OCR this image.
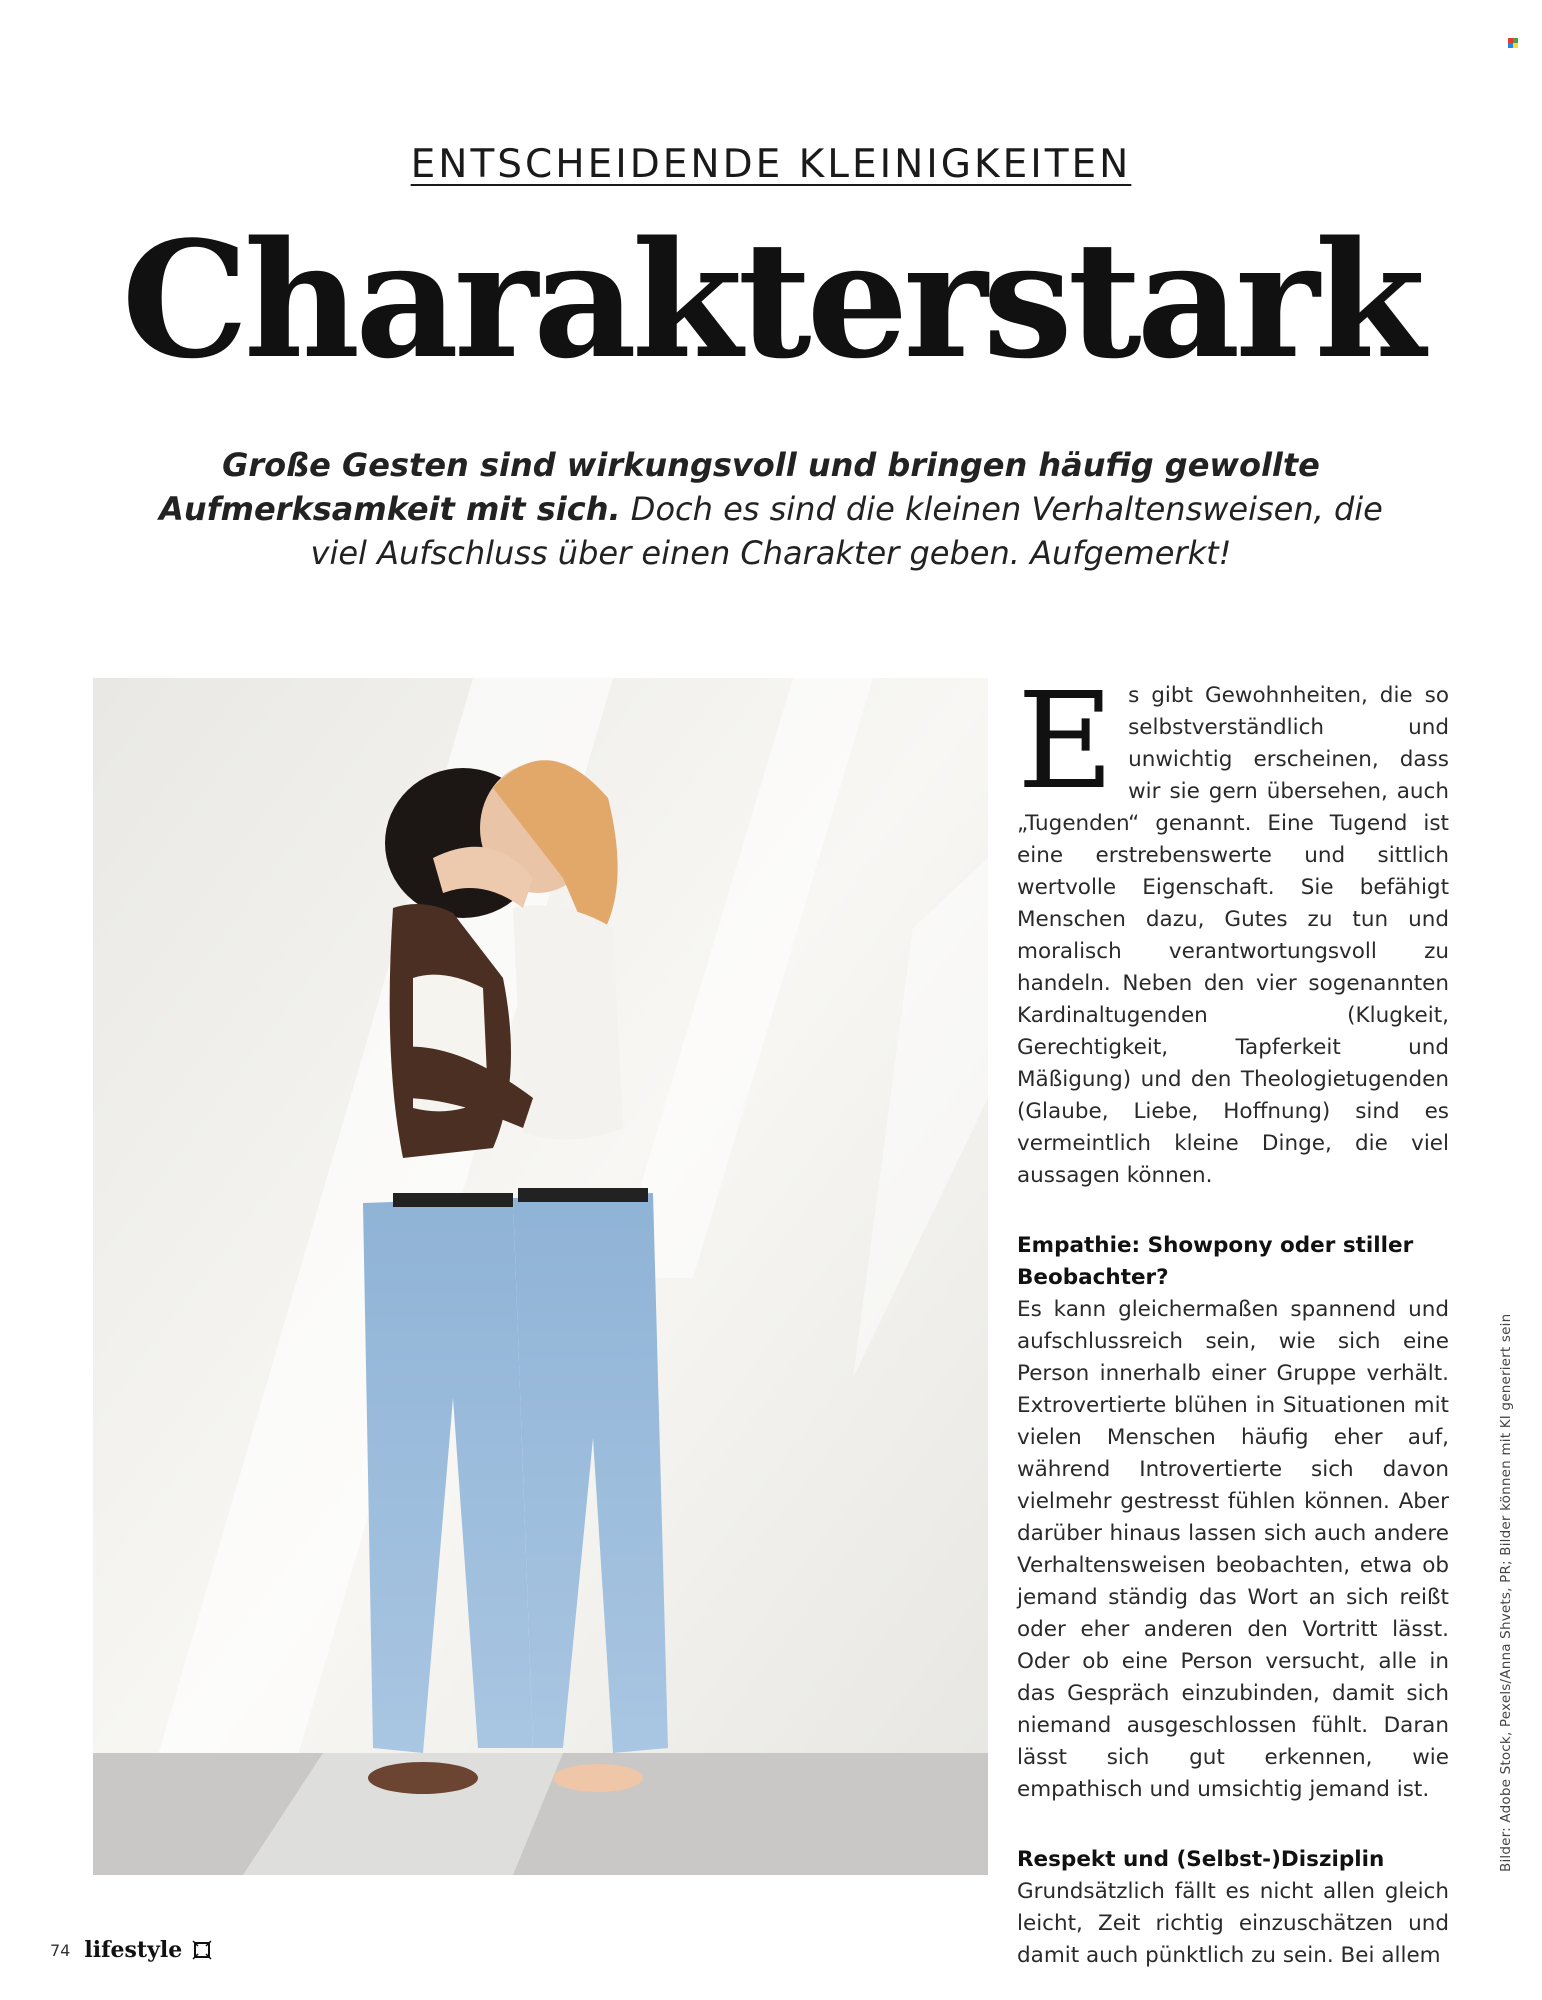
ENTSCHEIDENDE KLEINIGKEITEN
Charakterstark
Große Gesten sind wirkungsvoll und bringen häufig gewollte Aufmerksamkeit mit sich. Doch es sind die kleinen Verhaltensweisen, die viel Aufschluss über einen Charakter geben. Aufgemerkt!

Es gibt Gewohnheiten, die so selbstverständlich und unwichtig erscheinen, dass wir sie gern übersehen, auch „Tugenden“ genannt. Eine Tugend ist eine erstrebenswerte und sittlich wertvolle Eigenschaft. Sie befähigt Menschen dazu, Gutes zu tun und moralisch verantwortungsvoll zu handeln. Neben den vier sogenannten Kardinaltugenden (Klugkeit, Gerechtigkeit, Tapferkeit und Mäßigung) und den Theologietugenden (Glaube, Liebe, Hoffnung) sind es vermeintlich kleine Dinge, die viel aussagen können.

Empathie: Showpony oder stiller Beobachter?

Es kann gleichermaßen spannend und aufschlussreich sein, wie sich eine Person innerhalb einer Gruppe verhält. Extrovertierte blühen in Situationen mit vielen Menschen häufig eher auf, während Introvertierte sich davon vielmehr gestresst fühlen können. Aber darüber hinaus lassen sich auch andere Verhaltensweisen beobachten, etwa ob jemand ständig das Wort an sich reißt oder eher anderen den Vortritt lässt. Oder ob eine Person versucht, alle in das Gespräch einzubinden, damit sich niemand ausgeschlossen fühlt. Daran lässt sich gut erkennen, wie empathisch und umsichtig jemand ist.

Respekt und (Selbst-)Disziplin

Grundsätzlich fällt es nicht allen gleich leicht, Zeit richtig einzuschätzen und damit auch pünktlich zu sein. Bei allem

Bilder: Adobe Stock, Pexels/Anna Shvets, PR; Bilder können mit KI generiert sein
74 lifestyle
